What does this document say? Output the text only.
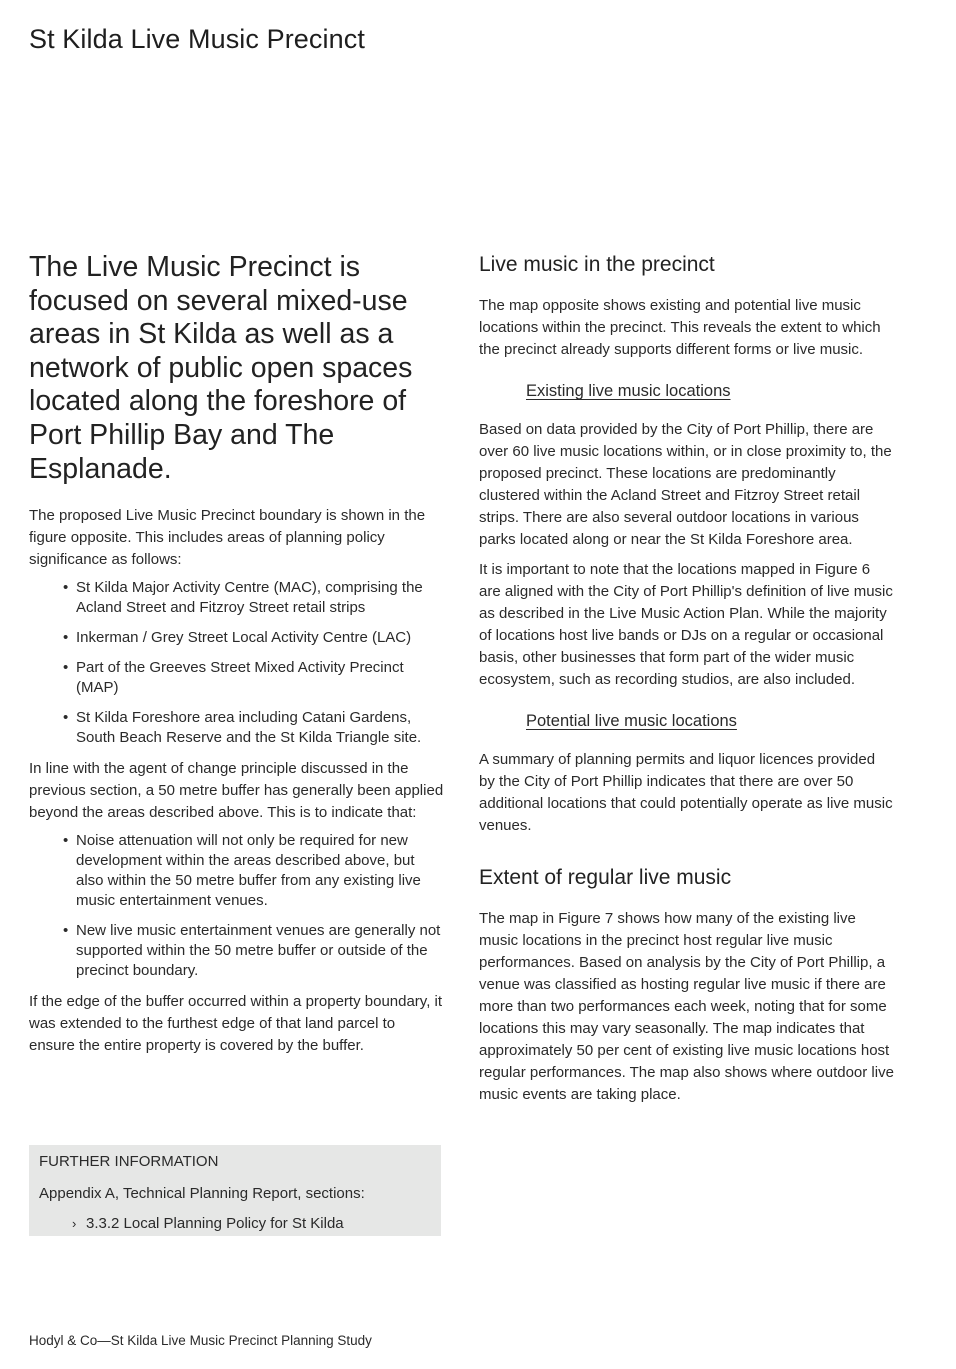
St Kilda Live Music Precinct

The Live Music Precinct is focused on several mixed-use areas in St Kilda as well as a network of public open spaces located along the foreshore of Port Phillip Bay and The Esplanade.

The proposed Live Music Precinct boundary is shown in the figure opposite. This includes areas of planning policy significance as follows:

• St Kilda Major Activity Centre (MAC), comprising the Acland Street and Fitzroy Street retail strips
• Inkerman / Grey Street Local Activity Centre (LAC)
• Part of the Greeves Street Mixed Activity Precinct (MAP)
• St Kilda Foreshore area including Catani Gardens, South Beach Reserve and the St Kilda Triangle site.

In line with the agent of change principle discussed in the previous section, a 50 metre buffer has generally been applied beyond the areas described above. This is to indicate that:

• Noise attenuation will not only be required for new development within the areas described above, but also within the 50 metre buffer from any existing live music entertainment venues.
• New live music entertainment venues are generally not supported within the 50 metre buffer or outside of the precinct boundary.

If the edge of the buffer occurred within a property boundary, it was extended to the furthest edge of that land parcel to ensure the entire property is covered by the buffer.

FURTHER INFORMATION
Appendix A, Technical Planning Report, sections:
› 3.3.2 Local Planning Policy for St Kilda
Live music in the precinct

The map opposite shows existing and potential live music locations within the precinct. This reveals the extent to which the precinct already supports different forms or live music.

Existing live music locations

Based on data provided by the City of Port Phillip, there are over 60 live music locations within, or in close proximity to, the proposed precinct. These locations are predominantly clustered within the Acland Street and Fitzroy Street retail strips. There are also several outdoor locations in various parks located along or near the St Kilda Foreshore area.

It is important to note that the locations mapped in Figure 6 are aligned with the City of Port Phillip's definition of live music as described in the Live Music Action Plan. While the majority of locations host live bands or DJs on a regular or occasional basis, other businesses that form part of the wider music ecosystem, such as recording studios, are also included.

Potential live music locations

A summary of planning permits and liquor licences provided by the City of Port Phillip indicates that there are over 50 additional locations that could potentially operate as live music venues.

Extent of regular live music

The map in Figure 7 shows how many of the existing live music locations in the precinct host regular live music performances. Based on analysis by the City of Port Phillip, a venue was classified as hosting regular live music if there are more than two performances each week, noting that for some locations this may vary seasonally. The map indicates that approximately 50 per cent of existing live music locations host regular performances. The map also shows where outdoor live music events are taking place.

Hodyl & Co—St Kilda Live Music Precinct Planning Study
